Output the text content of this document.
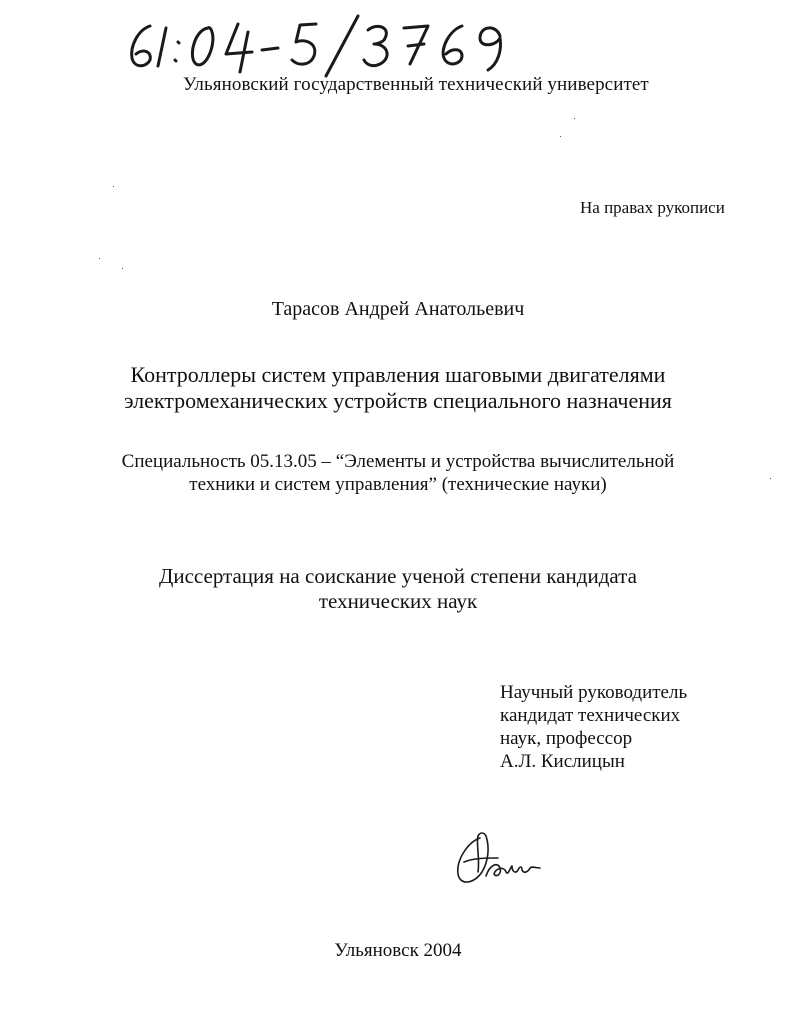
Ульяновский государственный технический университет
На правах рукописи
Тарасов Андрей Анатольевич
Контроллеры систем управления шаговыми двигателями
электромеханических устройств специального назначения
Специальность 05.13.05 – “Элементы и устройства вычислительной
техники и систем управления” (технические науки)
Диссертация на соискание ученой степени кандидата
технических наук
Научный руководитель
кандидат технических
наук, профессор
А.Л. Кислицын
Ульяновск 2004
